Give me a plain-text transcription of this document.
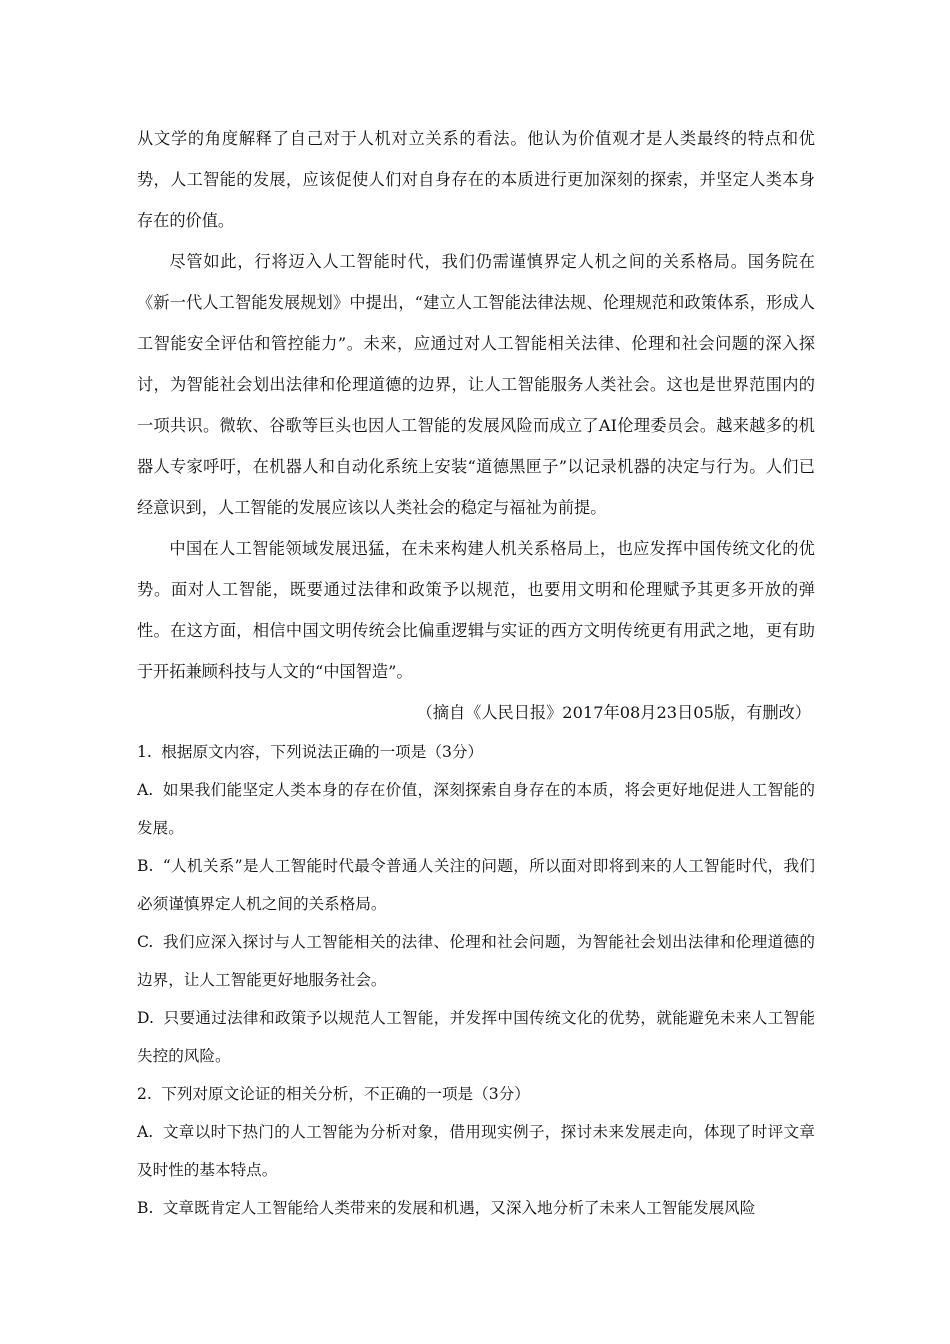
从文学的角度解释了自己对于人机对立关系的看法。他认为价值观才是人类最终的特点和优势，人工智能的发展，应该促使人们对自身存在的本质进行更加深刻的探索，并坚定人类本身存在的价值。

尽管如此，行将迈入人工智能时代，我们仍需谨慎界定人机之间的关系格局。国务院在《新一代人工智能发展规划》中提出，“建立人工智能法律法规、伦理规范和政策体系，形成人工智能安全评估和管控能力”。未来，应通过对人工智能相关法律、伦理和社会问题的深入探讨，为智能社会划出法律和伦理道德的边界，让人工智能服务人类社会。这也是世界范围内的一项共识。微软、谷歌等巨头也因人工智能的发展风险而成立了AI伦理委员会。越来越多的机器人专家呼吁，在机器人和自动化系统上安装“道德黑匣子”以记录机器的决定与行为。人们已经意识到，人工智能的发展应该以人类社会的稳定与福祉为前提。

中国在人工智能领域发展迅猛，在未来构建人机关系格局上，也应发挥中国传统文化的优势。面对人工智能，既要通过法律和政策予以规范，也要用文明和伦理赋予其更多开放的弹性。在这方面，相信中国文明传统会比偏重逻辑与实证的西方文明传统更有用武之地，更有助于开拓兼顾科技与人文的“中国智造”。

（摘自《人民日报》2017年08月23日05版，有删改）

1. 根据原文内容，下列说法正确的一项是（3分）

A. 如果我们能坚定人类本身的存在价值，深刻探索自身存在的本质，将会更好地促进人工智能的发展。

B. “人机关系”是人工智能时代最令普通人关注的问题，所以面对即将到来的人工智能时代，我们必须谨慎界定人机之间的关系格局。

C. 我们应深入探讨与人工智能相关的法律、伦理和社会问题，为智能社会划出法律和伦理道德的边界，让人工智能更好地服务社会。

D. 只要通过法律和政策予以规范人工智能，并发挥中国传统文化的优势，就能避免未来人工智能失控的风险。

2. 下列对原文论证的相关分析，不正确的一项是（3分）

A. 文章以时下热门的人工智能为分析对象，借用现实例子，探讨未来发展走向，体现了时评文章及时性的基本特点。

B. 文章既肯定人工智能给人类带来的发展和机遇，又深入地分析了未来人工智能发展风险
